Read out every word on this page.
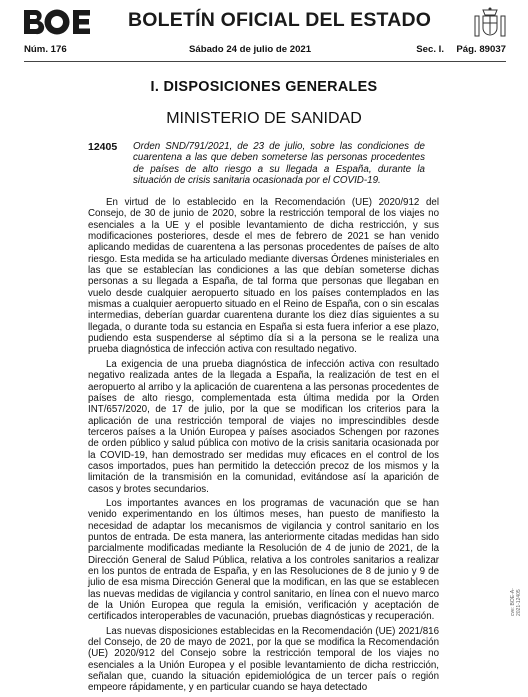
BOLETÍN OFICIAL DEL ESTADO
Núm. 176	Sábado 24 de julio de 2021	Sec. I. Pág. 89037
I. DISPOSICIONES GENERALES
MINISTERIO DE SANIDAD
12405 Orden SND/791/2021, de 23 de julio, sobre las condiciones de cuarentena a las que deben someterse las personas procedentes de países de alto riesgo a su llegada a España, durante la situación de crisis sanitaria ocasionada por el COVID-19.

En virtud de lo establecido en la Recomendación (UE) 2020/912 del Consejo, de 30 de junio de 2020, sobre la restricción temporal de los viajes no esenciales a la UE y el posible levantamiento de dicha restricción, y sus modificaciones posteriores, desde el mes de febrero de 2021 se han venido aplicando medidas de cuarentena a las personas procedentes de países de alto riesgo. Esta medida se ha articulado mediante diversas Órdenes ministeriales en las que se establecían las condiciones a las que debían someterse dichas personas a su llegada a España, de tal forma que personas que llegaban en vuelo desde cualquier aeropuerto situado en los países contemplados en las mismas a cualquier aeropuerto situado en el Reino de España, con o sin escalas intermedias, deberían guardar cuarentena durante los diez días siguientes a su llegada, o durante toda su estancia en España si esta fuera inferior a ese plazo, pudiendo esta suspenderse al séptimo día si a la persona se le realiza una prueba diagnóstica de infección activa con resultado negativo.

La exigencia de una prueba diagnóstica de infección activa con resultado negativo realizada antes de la llegada a España, la realización de test en el aeropuerto al arribo y la aplicación de cuarentena a las personas procedentes de países de alto riesgo, complementada esta última medida por la Orden INT/657/2020, de 17 de julio, por la que se modifican los criterios para la aplicación de una restricción temporal de viajes no imprescindibles desde terceros países a la Unión Europea y países asociados Schengen por razones de orden público y salud pública con motivo de la crisis sanitaria ocasionada por la COVID-19, han demostrado ser medidas muy eficaces en el control de los casos importados, pues han permitido la detección precoz de los mismos y la limitación de la transmisión en la comunidad, evitándose así la aparición de casos y brotes secundarios.

Los importantes avances en los programas de vacunación que se han venido experimentando en los últimos meses, han puesto de manifiesto la necesidad de adaptar los mecanismos de vigilancia y control sanitario en los puntos de entrada. De esta manera, las anteriormente citadas medidas han sido parcialmente modificadas mediante la Resolución de 4 de junio de 2021, de la Dirección General de Salud Pública, relativa a los controles sanitarios a realizar en los puntos de entrada de España, y en las Resoluciones de 8 de junio y 9 de julio de esa misma Dirección General que la modifican, en las que se establecen las nuevas medidas de vigilancia y control sanitario, en línea con el nuevo marco de la Unión Europea que regula la emisión, verificación y aceptación de certificados interoperables de vacunación, pruebas diagnósticas y recuperación.

Las nuevas disposiciones establecidas en la Recomendación (UE) 2021/816 del Consejo, de 20 de mayo de 2021, por la que se modifica la Recomendación (UE) 2020/912 del Consejo sobre la restricción temporal de los viajes no esenciales a la Unión Europea y el posible levantamiento de dicha restricción, señalan que, cuando la situación epidemiológica de un tercer país o región empeore rápidamente, y en particular cuando se haya detectado

cve: BOE-A-2021-12405
